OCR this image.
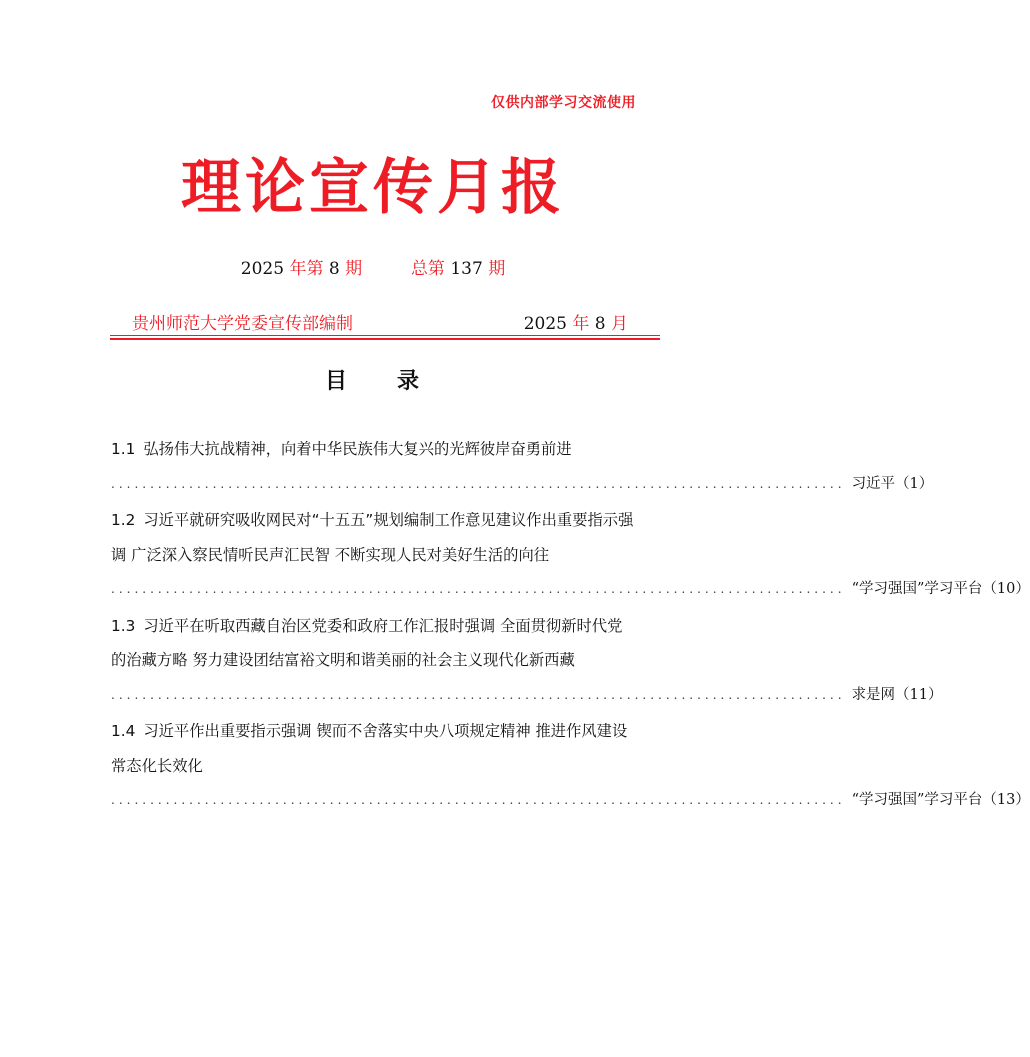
仅供内部学习交流使用
理论宣传月报
2025 年第 8 期	总第 137 期
贵州师范大学党委宣传部编制	2025 年 8 月
目 录

1.1 弘扬伟大抗战精神，向着中华民族伟大复兴的光辉彼岸奋勇前进

.............................................................................................. 习近平（1）

1.2 习近平就研究吸收网民对“十五五”规划编制工作意见建议作出重要指示强调 广泛深入察民情听民声汇民智 不断实现人民对美好生活的向往

.............................................................................................. “学习强国”学习平台（10）

1.3 习近平在听取西藏自治区党委和政府工作汇报时强调 全面贯彻新时代党的治藏方略 努力建设团结富裕文明和谐美丽的社会主义现代化新西藏

.............................................................................................. 求是网（11）

1.4 习近平作出重要指示强调 锲而不舍落实中央八项规定精神 推进作风建设常态化长效化

.............................................................................................. “学习强国”学习平台（13）
